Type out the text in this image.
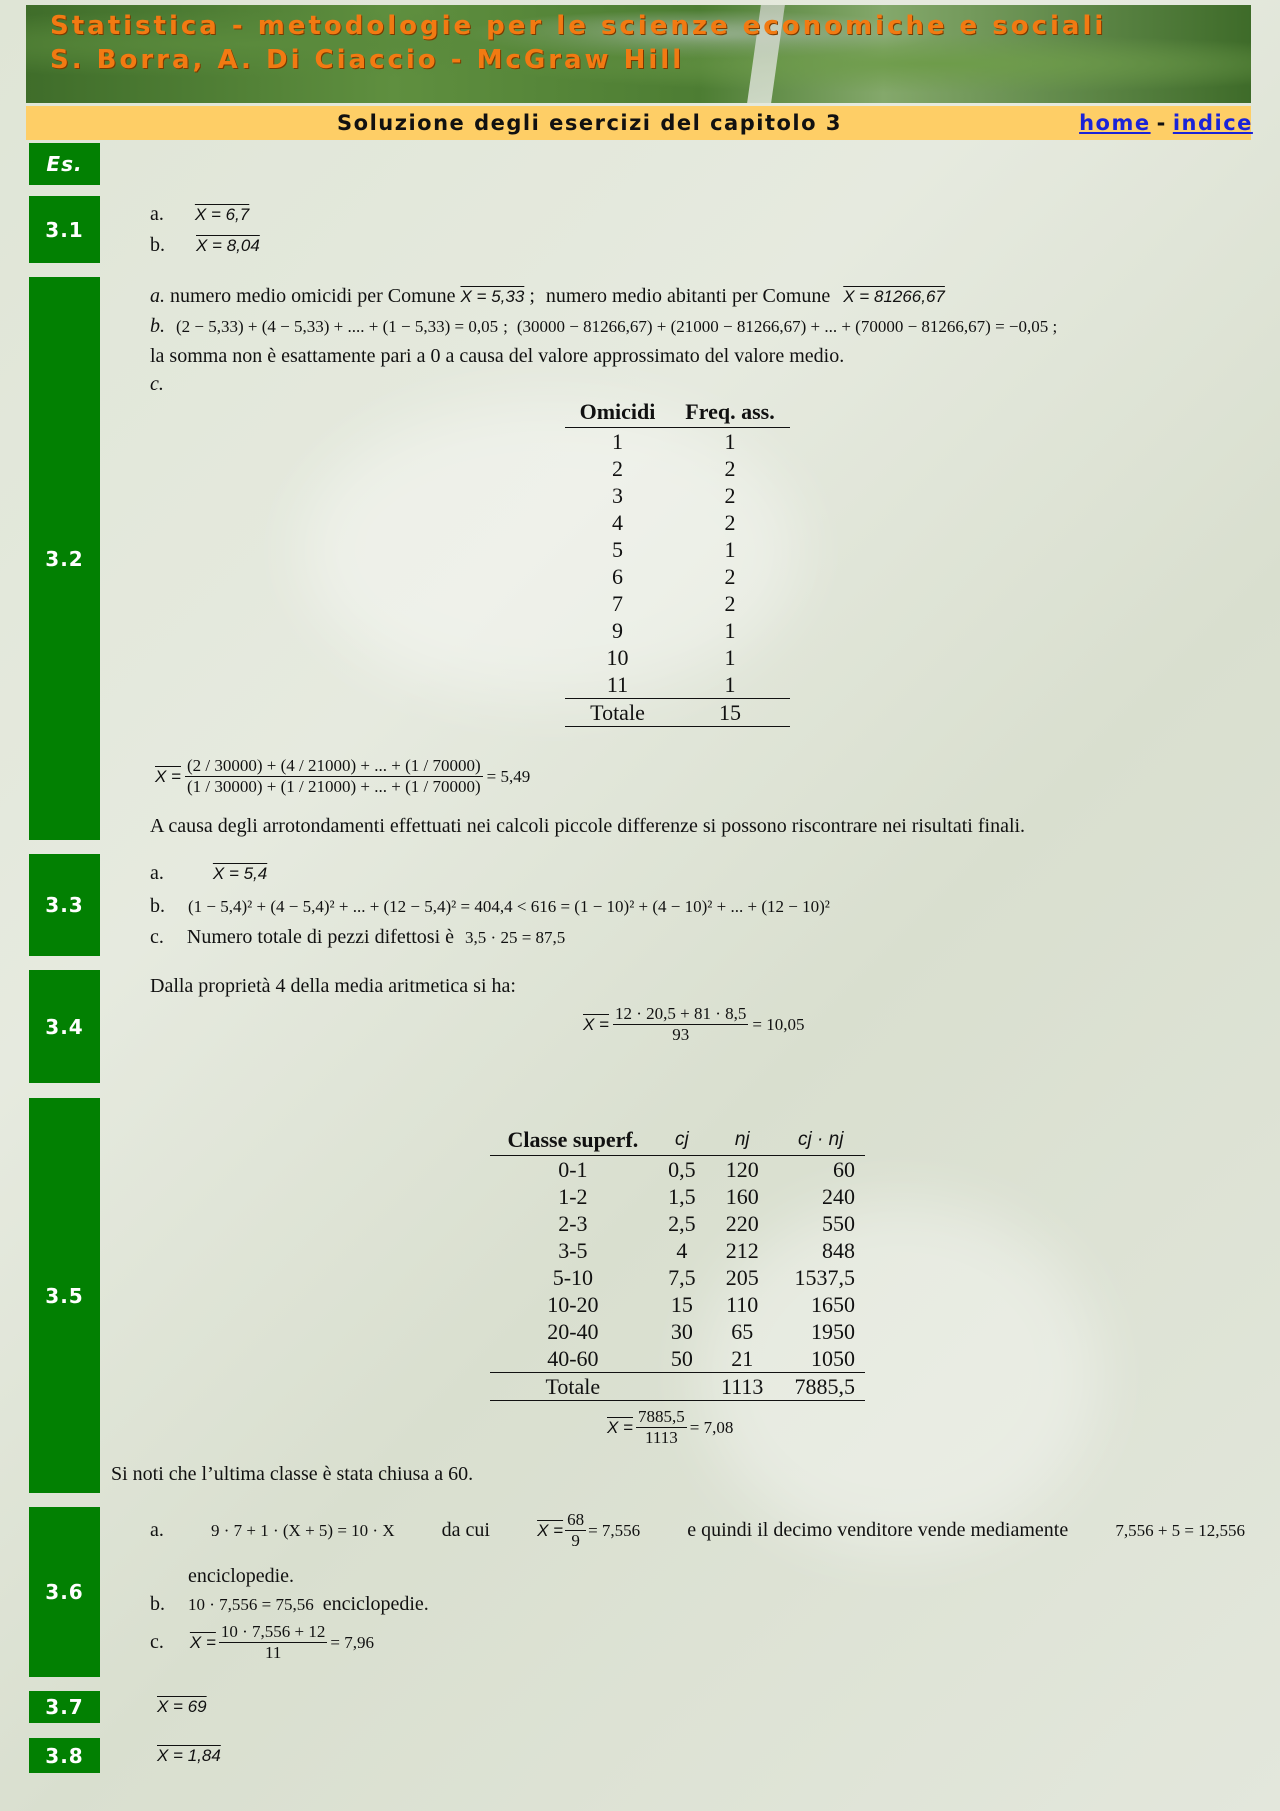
Statistica - metodologie per le scienze economiche e sociali
S. Borra, A. Di Ciaccio - McGraw Hill
Soluzione degli esercizi del capitolo 3	home - indice
Es.
3.1
3.2
3.3
3.4
3.5
3.6
3.7
3.8
a. X = 6,7
b. X = 8,04
a. numero medio omicidi per Comune X = 5,33 ; numero medio abitanti per Comune X = 81266,67
b. (2 − 5,33) + (4 − 5,33) + .... + (1 − 5,33) = 0,05 ; (30000 − 81266,67) + (21000 − 81266,67) + ... + (70000 − 81266,67) = −0,05 ;
la somma non è esattamente pari a 0 a causa del valore approssimato del valore medio.
c.
Omicidi	Freq. ass.
1	1
2	2
3	2
4	2
5	1
6	2
7	2
9	1
10	1
11	1
Totale	15
$X = \frac{(2 / 30000) + (4 / 21000) + ... + (1 / 70000)}{(1 / 30000) + (1 / 21000) + ... + (1 / 70000)} = 5,49$
A causa degli arrotondamenti effettuati nei calcoli piccole differenze si possono riscontrare nei risultati finali.
a.	X = 5,4
b. (1 − 5,4)² + (4 − 5,4)² + ... + (12 − 5,4)² = 404,4 < 616 = (1 − 10)² + (4 − 10)² + ... + (12 − 10)²
c. Numero totale di pezzi difettosi è 3,5 · 25 = 87,5
Dalla proprietà 4 della media aritmetica si ha:
$X = \frac{12 \cdot 20,5 + 81 \cdot 8,5}{93} = 10,05$
Classe superf.	cj	nj	cj · nj
0-1	0,5	120	60
1-2	1,5	160	240
2-3	2,5	220	550
3-5	4	212	848
5-10	7,5	205	1537,5
10-20	15	110	1650
20-40	30	65	1950
40-60	50	21	1050
Totale		1113	7885,5
$X = \frac{7885,5}{1113} = 7,08$
Si noti che l’ultima classe è stata chiusa a 60.
a.	9 · 7 + 1 · (X + 5) = 10 · X da cui	$X = \frac{68}{9} = 7,556$ e quindi il decimo venditore vende mediamente	7,556 + 5 = 12,556
enciclopedie.
b. 10 · 7,556 = 75,56 enciclopedie.
c. $X = \frac{10 \cdot 7,556 + 12}{11} = 7,96$
X = 69
X = 1,84
